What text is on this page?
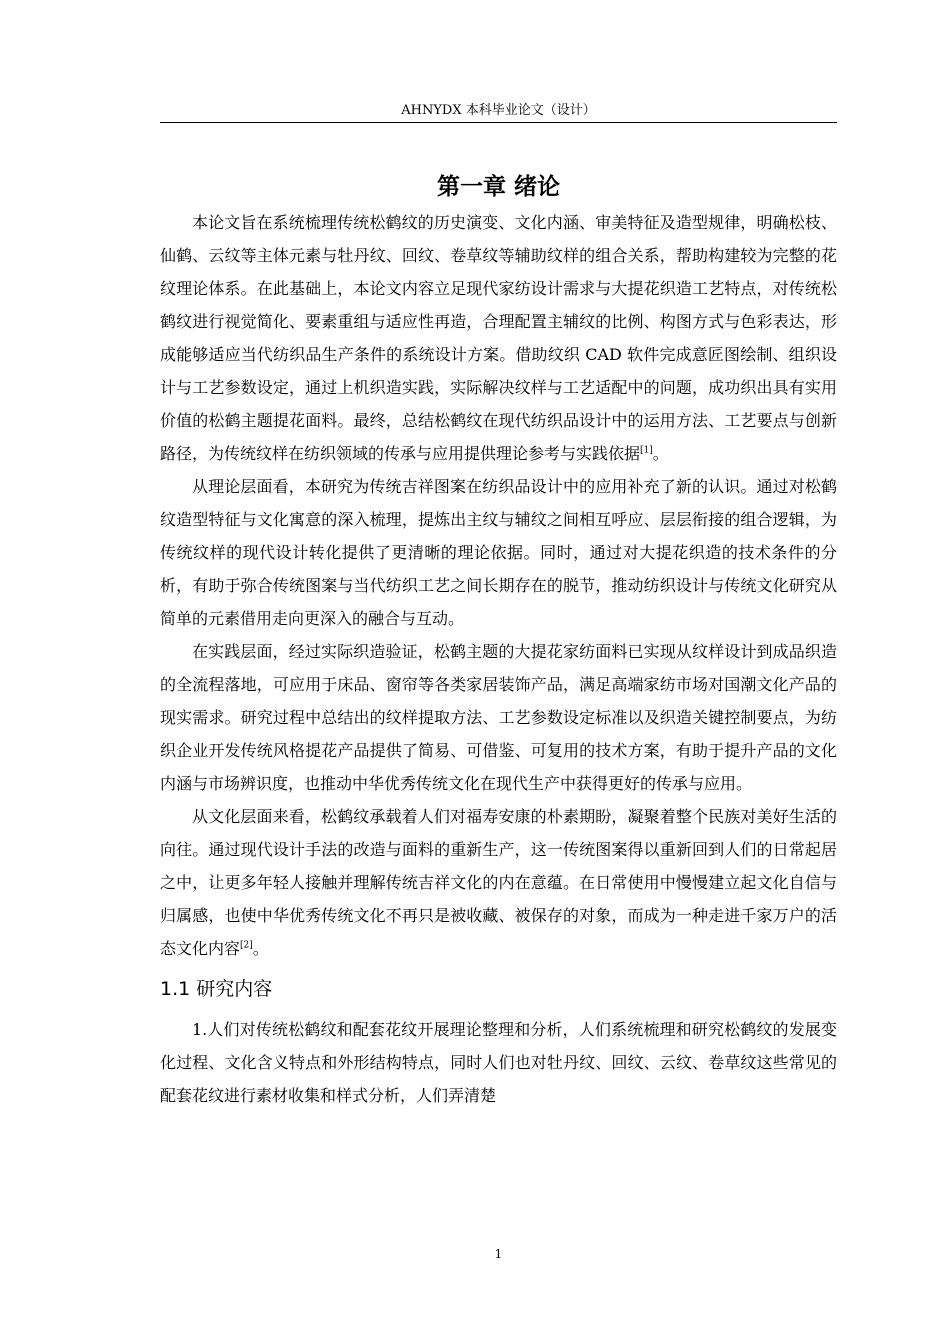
AHNYDX 本科毕业论文（设计）
第一章 绪论

本论文旨在系统梳理传统松鹤纹的历史演变、文化内涵、审美特征及造型规律，明确松枝、仙鹤、云纹等主体元素与牡丹纹、回纹、卷草纹等辅助纹样的组合关系，帮助构建较为完整的花纹理论体系。在此基础上，本论文内容立足现代家纺设计需求与大提花织造工艺特点，对传统松鹤纹进行视觉简化、要素重组与适应性再造，合理配置主辅纹的比例、构图方式与色彩表达，形成能够适应当代纺织品生产条件的系统设计方案。借助纹织 CAD 软件完成意匠图绘制、组织设计与工艺参数设定，通过上机织造实践，实际解决纹样与工艺适配中的问题，成功织出具有实用价值的松鹤主题提花面料。最终，总结松鹤纹在现代纺织品设计中的运用方法、工艺要点与创新路径，为传统纹样在纺织领域的传承与应用提供理论参考与实践依据[1]。

从理论层面看，本研究为传统吉祥图案在纺织品设计中的应用补充了新的认识。通过对松鹤纹造型特征与文化寓意的深入梳理，提炼出主纹与辅纹之间相互呼应、层层衔接的组合逻辑，为传统纹样的现代设计转化提供了更清晰的理论依据。同时，通过对大提花织造的技术条件的分析，有助于弥合传统图案与当代纺织工艺之间长期存在的脱节，推动纺织设计与传统文化研究从简单的元素借用走向更深入的融合与互动。

在实践层面，经过实际织造验证，松鹤主题的大提花家纺面料已实现从纹样设计到成品织造的全流程落地，可应用于床品、窗帘等各类家居装饰产品，满足高端家纺市场对国潮文化产品的现实需求。研究过程中总结出的纹样提取方法、工艺参数设定标准以及织造关键控制要点，为纺织企业开发传统风格提花产品提供了简易、可借鉴、可复用的技术方案，有助于提升产品的文化内涵与市场辨识度，也推动中华优秀传统文化在现代生产中获得更好的传承与应用。

从文化层面来看，松鹤纹承载着人们对福寿安康的朴素期盼，凝聚着整个民族对美好生活的向往。通过现代设计手法的改造与面料的重新生产，这一传统图案得以重新回到人们的日常起居之中，让更多年轻人接触并理解传统吉祥文化的内在意蕴。在日常使用中慢慢建立起文化自信与归属感，也使中华优秀传统文化不再只是被收藏、被保存的对象，而成为一种走进千家万户的活态文化内容[2]。

1.1 研究内容

1.人们对传统松鹤纹和配套花纹开展理论整理和分析，人们系统梳理和研究松鹤纹的发展变化过程、文化含义特点和外形结构特点，同时人们也对牡丹纹、回纹、云纹、卷草纹这些常见的配套花纹进行素材收集和样式分析，人们弄清楚

1
